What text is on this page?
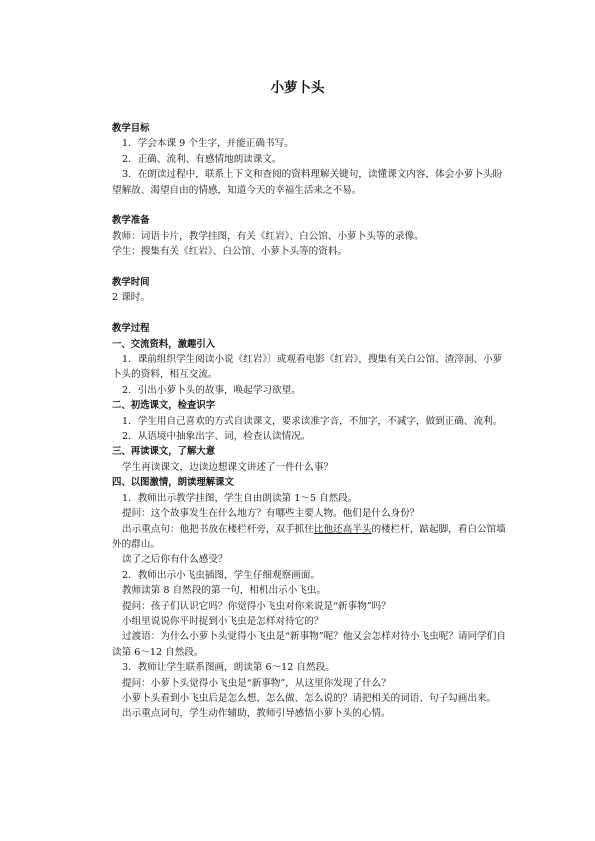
小萝卜头

教学目标

1．学会本课 9 个生字，并能正确书写。

2．正确、流利、有感情地朗读课文。

3．在朗读过程中，联系上下文和查阅的资料理解关键句，读懂课文内容，体会小萝卜头盼望解放、渴望自由的情感，知道今天的幸福生活来之不易。

教学准备

教师：词语卡片，教学挂图，有关《红岩》、白公馆、小萝卜头等的录像。

学生：搜集有关《红岩》、白公馆、小萝卜头等的资料。

教学时间

2 课时。

教学过程

一、交流资料，激趣引入

1．课前组织学生阅读小说《红岩》〕或观看电影《红岩》，搜集有关白公馆、渣滓洞、小萝卜头的资料，相互交流。

2．引出小萝卜头的故事，唤起学习欲望。

二、初选课文，检查识字

1．学生用自己喜欢的方式自读课文，要求读准字音，不加字，不减字，做到正确、流利。

2．从语境中抽象出字、词，检查认读情况。

三、再读课文，了解大意

学生再读课文，边读边想课文讲述了一件什么事？

四、以图激情，朗读理解课文

1．教师出示教学挂图，学生自由朗读第 1～5 自然段。

提问：这个故事发生在什么地方？有哪些主要人物。他们是什么身份？

出示重点句：他把书放在楼栏杆旁，双手抓住比他还高半头的楼栏杆，踮起脚，看白公馆墙外的群山。

读了之后你有什么感受？

2．教师出示小飞虫插图，学生仔细观察画面。

教师读第 8 自然段的第一句，相机出示小飞虫。

提问：孩子们认识它吗？你觉得小飞虫对你来说是“新事物”吗？

小组里说说你平时捉到小飞虫是怎样对待它的？

过渡语：为什么小萝卜头觉得小飞虫是“新事物”呢？他又会怎样对待小飞虫呢？请同学们自读第 6～12 自然段。

3．教师让学生联系图画，朗读第 6～12 自然段。

提问：小萝卜头觉得小飞虫是“新事物”，从这里你发现了什么？

小萝卜头看到小飞虫后是怎么想、怎么做、怎么说的？请把相关的词语、句子勾画出来。

出示重点词句，学生动作辅助，教师引导感悟小萝卜头的心情。
